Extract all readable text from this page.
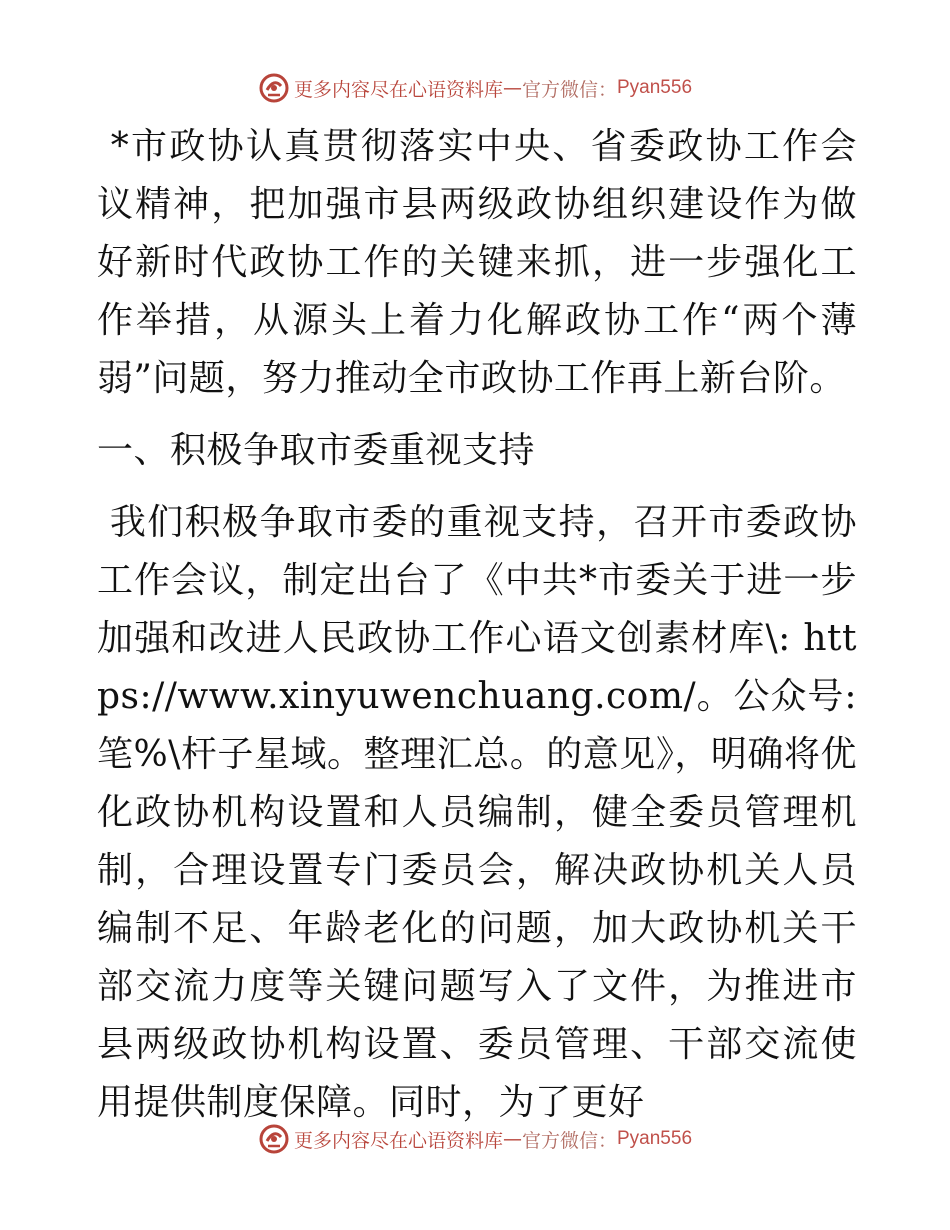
更多内容尽在心语资料库 — 官方微信： Pyan556

*市政协认真贯彻落实中央、省委政协工作会议精神，把加强市县两级政协组织建设作为做好新时代政协工作的关键来抓，进一步强化工作举措，从源头上着力化解政协工作“两个薄弱”问题，努力推动全市政协工作再上新台阶。

一、积极争取市委重视支持

我们积极争取市委的重视支持，召开市委政协工作会议，制定出台了《中共*市委关于进一步加强和改进人民政协工作心语文创素材库\: https://www.xinyuwenchuang.com/。公众号: 笔%\杆子星域。整理汇总。的意见》，明确将优化政协机构设置和人员编制，健全委员管理机制，合理设置专门委员会，解决政协机关人员编制不足、年龄老化的问题，加大政协机关干部交流力度等关键问题写入了文件，为推进市县两级政协机构设置、委员管理、干部交流使用提供制度保障。同时，为了更好

更多内容尽在心语资料库 — 官方微信： Pyan556
